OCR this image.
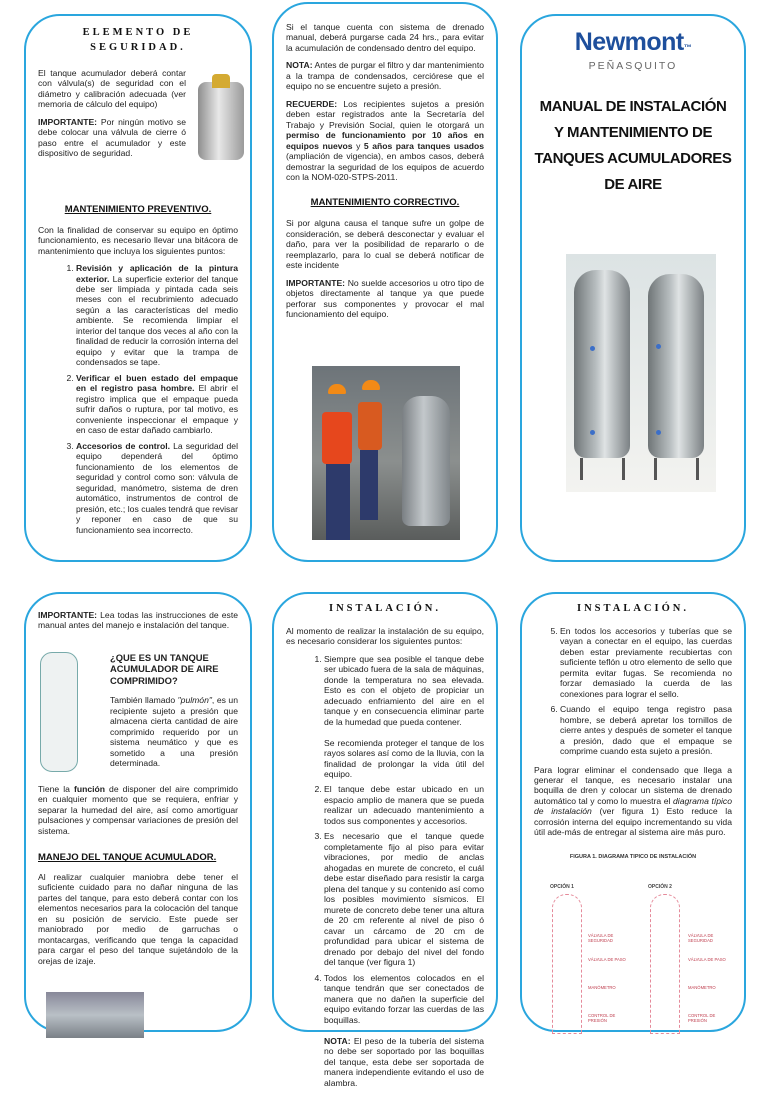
ELEMENTO DE
SEGURIDAD.

El tanque acumulador deberá contar con válvula(s) de seguridad con el diámetro y calibración adecuada (ver memoria de cálculo del equipo)

IMPORTANTE: Por ningún motivo se debe colocar una válvula de cierre ó paso entre el acumulador y este dispositivo de seguridad.

MANTENIMIENTO PREVENTIVO.

Con la finalidad de conservar su equipo en óptimo funcionamiento, es necesario llevar una bitácora de mantenimiento que incluya los siguientes puntos:

1. Revisión y aplicación de la pintura exterior. La superficie exterior del tanque debe ser limpiada y pintada cada seis meses con el recubrimiento adecuado según a las características del medio ambiente. Se recomienda limpiar el interior del tanque dos veces al año con la finalidad de reducir la corrosión interna del equipo y evitar que la trampa de condensados se tape.
2. Verificar el buen estado del empaque en el registro pasa hombre. El abrir el registro implica que el empaque pueda sufrir daños o ruptura, por tal motivo, es conveniente inspeccionar el empaque y en caso de estar dañado cambiarlo.
3. Accesorios de control. La seguridad del equipo dependerá del óptimo funcionamiento de los elementos de seguridad y control como son: válvula de seguridad, manómetro, sistema de dren automático, instrumentos de control de presión, etc.; los cuales tendrá que revisar y reponer en caso de que su funcionamiento sea incorrecto.

Si el tanque cuenta con sistema de drenado manual, deberá purgarse cada 24 hrs., para evitar la acumulación de condensado dentro del equipo.

NOTA: Antes de purgar el filtro y dar mantenimiento a la trampa de condensados, cerciórese que el equipo no se encuentre sujeto a presión.

RECUERDE: Los recipientes sujetos a presión deben estar registrados ante la Secretaría del Trabajo y Previsión Social, quien le otorgará un permiso de funcionamiento por 10 años en equipos nuevos y 5 años para tanques usados (ampliación de vigencia), en ambos casos, deberá demostrar la seguridad de los equipos de acuerdo con la NOM-020-STPS-2011.

MANTENIMIENTO CORRECTIVO.

Si por alguna causa el tanque sufre un golpe de consideración, se deberá desconectar y evaluar el daño, para ver la posibilidad de repararlo o de reemplazarlo, para lo cual se deberá notificar de este incidente

IMPORTANTE: No suelde accesorios u otro tipo de objetos directamente al tanque ya que puede perforar sus componentes y provocar el mal funcionamiento del equipo.

Newmont™
PEÑASQUITO
MANUAL DE INSTALACIÓN
Y MANTENIMIENTO DE
TANQUES ACUMULADORES
DE AIRE

IMPORTANTE: Lea todas las instrucciones de este manual antes del manejo e instalación del tanque.

¿QUE ES UN TANQUE ACUMULADOR DE AIRE COMPRIMIDO?

También llamado "pulmón", es un recipiente sujeto a presión que almacena cierta cantidad de aire comprimido requerido por un sistema neumático y que es sometido a una presión determinada.

Tiene la función de disponer del aire comprimido en cualquier momento que se requiera, enfriar y separar la humedad del aire, así como amortiguar pulsaciones y compensar variaciones de presión del sistema.

MANEJO DEL TANQUE ACUMULADOR.

Al realizar cualquier maniobra debe tener el suficiente cuidado para no dañar ninguna de las partes del tanque, para esto deberá contar con los elementos necesarios para la colocación del tanque en su posición de servicio. Este puede ser maniobrado por medio de garruchas o montacargas, verificando que tenga la capacidad para cargar el peso del tanque sujetándolo de la orejas de izaje.

INSTALACIÓN.

Al momento de realizar la instalación de su equipo, es necesario considerar los siguientes puntos:

1. Siempre que sea posible el tanque debe ser ubicado fuera de la sala de máquinas, donde la temperatura no sea elevada. Esto es con el objeto de propiciar un adecuado enfriamiento del aire en el tanque y en consecuencia eliminar parte de la humedad que pueda contener.

Se recomienda proteger el tanque de los rayos solares así como de la lluvia, con la finalidad de prolongar la vida útil del equipo.
2. El tanque debe estar ubicado en un espacio amplio de manera que se pueda realizar un adecuado mantenimiento a todos sus componentes y accesorios.
3. Es necesario que el tanque quede completamente fijo al piso para evitar vibraciones, por medio de anclas ahogadas en murete de concreto, el cuál debe estar diseñado para resistir la carga plena del tanque y su contenido así como los posibles movimiento sísmicos. El murete de concreto debe tener una altura de 20 cm referente al nivel de piso ó cavar un cárcamo de 20 cm de profundidad para ubicar el sistema de drenado por debajo del nivel del fondo del tanque (ver figura 1)
4. Todos los elementos colocados en el tanque tendrán que ser conectados de manera que no dañen la superficie del equipo evitando forzar las cuerdas de las boquillas.

NOTA: El peso de la tubería del sistema no debe ser soportado por las boquillas del tanque, esta debe ser soportada de manera independiente evitando el uso de alambra.
INSTALACIÓN.
5. En todos los accesorios y tuberías que se vayan a conectar en el equipo, las cuerdas deben estar previamente recubiertas con suficiente teflón u otro elemento de sello que permita evitar fugas. Se recomienda no forzar demasiado la cuerda de las conexiones para lograr el sello.
6. Cuando el equipo tenga registro pasa hombre, se deberá apretar los tornillos de cierre antes y después de someter el tanque a presión, dado que el empaque se comprime cuando esta sujeto a presión.

Para lograr eliminar el condensado que llega a generar el tanque, es necesario instalar una boquilla de dren y colocar un sistema de drenado automático tal y como lo muestra el diagrama típico de instalación (ver figura 1) Esto reduce la corrosión interna del equipo incrementando su vida útil ade-más de entregar al sistema aire más puro.

FIGURA 1. DIAGRAMA TIPICO DE INSTALACIÓN
OPCIÓN 1	OPCIÓN 2
VÁLVULA DE SEGURIDAD
VÁLVULA DE SEGURIDAD
VÁLVULA DE PASO	VÁLVULA DE PASO
MANÓMETRO	MANÓMETRO
CONTROL DE PRESIÓN
CONTROL DE PRESIÓN
